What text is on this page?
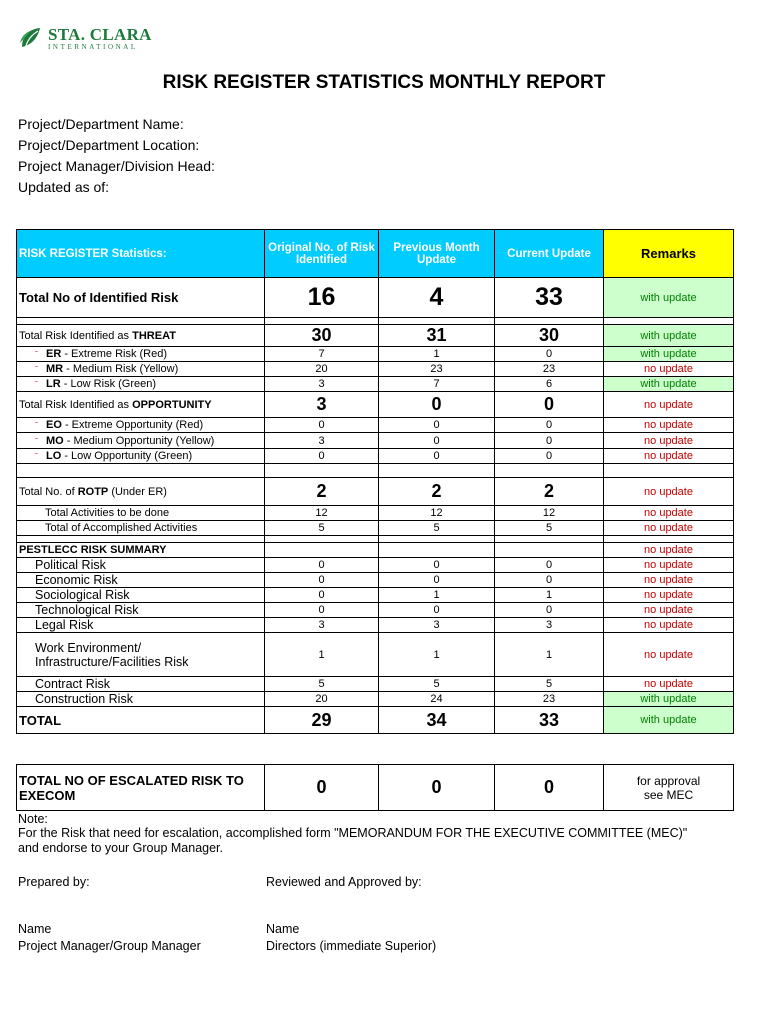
STA. CLARA
INTERNATIONAL
RISK REGISTER STATISTICS MONTHLY REPORT
Project/Department Name:
Project/Department Location:
Project Manager/Division Head:
Updated as of:
RISK REGISTER Statistics:	Original No. of Risk Identified	Previous Month Update	Current Update	Remarks
Total No of Identified Risk	16	4	33	with update

Total Risk Identified as THREAT	30	31	30	with update
ˉ ER - Extreme Risk (Red)	7	1	0	with update
ˉ MR - Medium Risk (Yellow)	20	23	23	no update
ˉ LR - Low Risk (Green)	3	7	6	with update
Total Risk Identified as OPPORTUNITY	3	0	0	no update
ˉ EO - Extreme Opportunity (Red)	0	0	0	no update
ˉ MO - Medium Opportunity (Yellow)	3	0	0	no update
ˉ LO - Low Opportunity (Green)	0	0	0	no update

Total No. of ROTP (Under ER)	2	2	2	no update
Total Activities to be done	12	12	12	no update
Total of Accomplished Activities	5	5	5	no update

PESTLECC RISK SUMMARY				no update
Political Risk	0	0	0	no update
Economic Risk	0	0	0	no update
Sociological Risk	0	1	1	no update
Technological Risk	0	0	0	no update
Legal Risk	3	3	3	no update
Work Environment/
Infrastructure/Facilities Risk	1	1	1	no update
Contract Risk	5	5	5	no update
Construction Risk	20	24	23	with update
TOTAL	29	34	33	with update
TOTAL NO OF ESCALATED RISK TO EXECOM	0	0	0	for approval
see MEC
Note:
For the Risk that need for escalation, accomplished form "MEMORANDUM FOR THE EXECUTIVE COMMITTEE (MEC)"
and endorse to your Group Manager.
Prepared by:	Reviewed and Approved by:
Name	Name
Project Manager/Group Manager	Directors (immediate Superior)
